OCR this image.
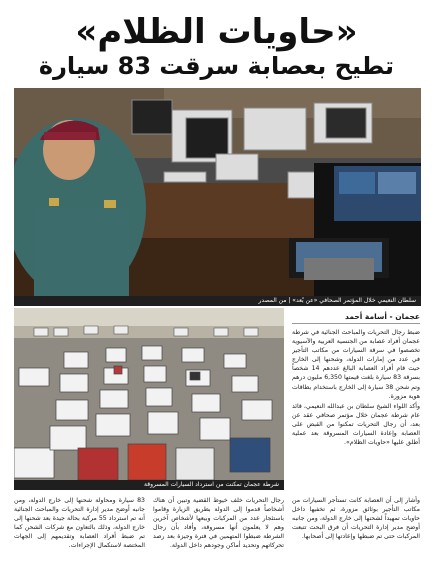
«حاويات الظلام»
تطيح بعصابة سرقت 83 سيارة
سلطان النعيمي خلال المؤتمر الصحافي «عن بُعد» | من المصدر
شرطة عجمان تمكنت من استرداد السيارات المسروقة
عجمان - أسامة أحمد

ضبط رجال التحريات والمباحث الجنائية في شرطة عجمان أفراد عصابة من الجنسية العربية والآسيوية تخصصوا في سرقة السيارات من مكاتب التأجير في عدد من إمارات الدولة، وشحنها إلى الخارج حيث قام أفراد العصابة البالغ عددهم 14 شخصاً بسرقة 83 سيارة بلغت قيمتها 6,350 مليون درهم وتم شحن 38 سيارة إلى الخارج باستخدام بطاقات هوية مزورة.

وأكد اللواء الشيخ سلطان بن عبدالله النعيمي، قائد عام شرطة عجمان خلال مؤتمر صحافي عقد عن بعد، أن رجال التحريات تمكنوا من القبض على العصابة وإعادة السيارات المسروقة بعد عملية أطلق عليها «حاويات الظلام».

وأشار إلى أن العصابة كانت تستأجر السيارات من مكاتب التأجير بوثائق مزورة، ثم تخفيها داخل حاويات تمهيداً لشحنها إلى خارج الدولة، ومن جانبه أوضح مدير إدارة التحريات أن فرق البحث تتبعت المركبات حتى تم ضبطها وإعادتها إلى أصحابها.

رجال التحريات خلف خيوط القضية وتبين أن هناك أشخاصاً قدموا إلى الدولة بطريق الزيارة وقاموا باستئجار عدد من المركبات وبيعها لأشخاص آخرين وهم لا يعلمون أنها مسروقة، وأفاد بأن رجال الشرطة ضبطوا المتهمين في فترة وجيزة بعد رصد تحركاتهم وتحديد أماكن وجودهم داخل الدولة.

83 سيارة ومحاولة شحنها إلى خارج الدولة، ومن جانبه أوضح مدير إدارة التحريات والمباحث الجنائية أنه تم استرداد 55 مركبة بحالة جيدة بعد شحنها إلى خارج الدولة، وذلك بالتعاون مع شركات الشحن كما تم ضبط أفراد العصابة وتقديمهم إلى الجهات المختصة لاستكمال الإجراءات.
